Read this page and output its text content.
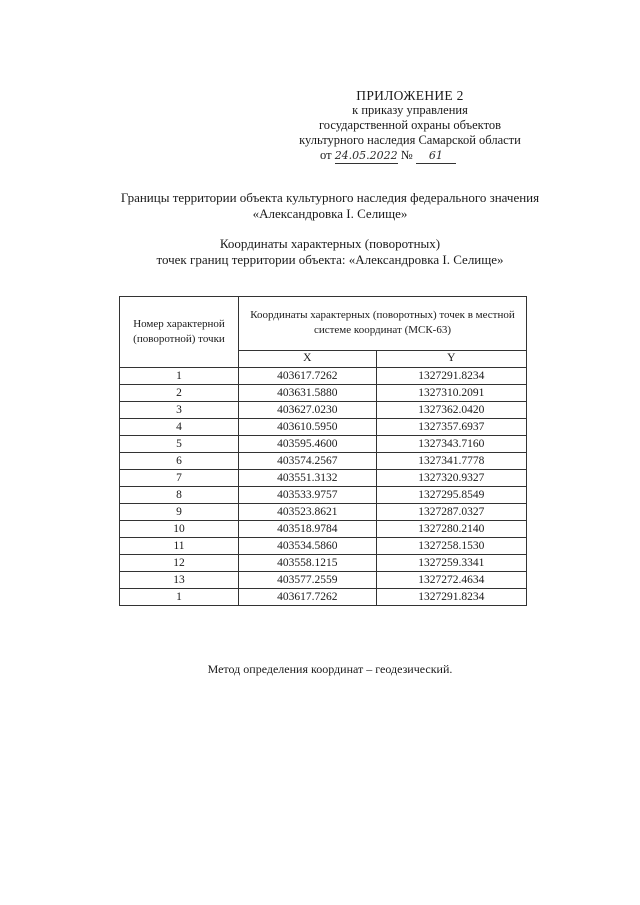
ПРИЛОЖЕНИЕ 2
к приказу управления
государственной охраны объектов
культурного наследия Самарской области
от 24.05.2022 № 61
Границы территории объекта культурного наследия федерального значения
«Александровка I. Селище»
Координаты характерных (поворотных)
точек границ территории объекта: «Александровка I. Селище»
Номер характерной (поворотной) точки	Координаты характерных (поворотных) точек в местной системе координат (МСК-63)	
	X	Y
1	403617.7262	1327291.8234
2	403631.5880	1327310.2091
3	403627.0230	1327362.0420
4	403610.5950	1327357.6937
5	403595.4600	1327343.7160
6	403574.2567	1327341.7778
7	403551.3132	1327320.9327
8	403533.9757	1327295.8549
9	403523.8621	1327287.0327
10	403518.9784	1327280.2140
11	403534.5860	1327258.1530
12	403558.1215	1327259.3341
13	403577.2559	1327272.4634
1	403617.7262	1327291.8234
Метод определения координат – геодезический.
